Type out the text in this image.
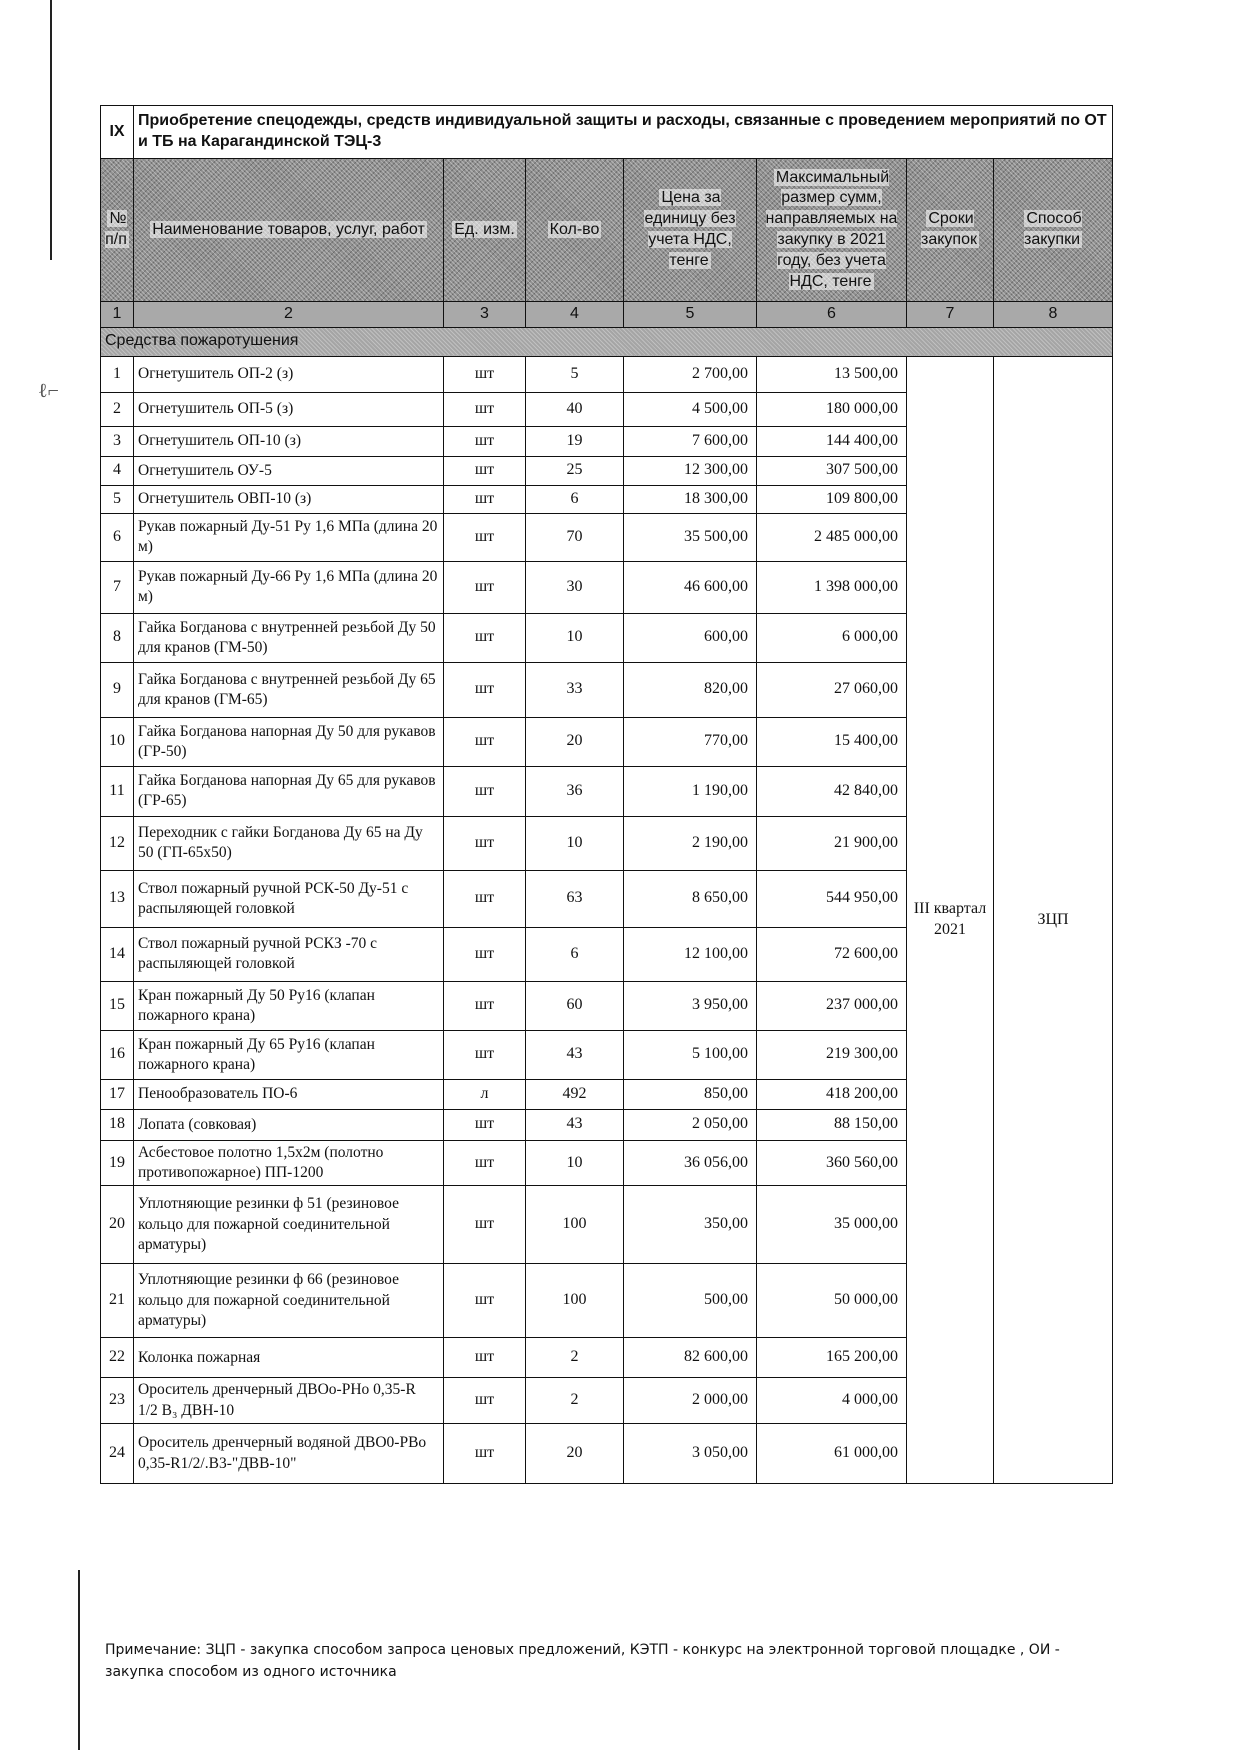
ℓ⌐
IX	Приобретение спецодежды, средств индивидуальной защиты и расходы, связанные с проведением мероприятий по ОТ и ТБ на Карагандинской ТЭЦ-3						
№ п/п	Наименование товаров, услуг, работ	Ед. изм.	Кол-во	Цена за единицу без учета НДС, тенге	Максимальный размер сумм, направляемых на закупку в 2021 году, без учета НДС, тенге	Сроки закупок	Способ закупки
1	2	3	4	5	6	7	8
Средства пожаротушения							
1	Огнетушитель ОП-2 (з)	шт	5	2 700,00	13 500,00	III квартал 2021	ЗЦП
2	Огнетушитель ОП-5 (з)	шт	40	4 500,00	180 000,00		
3	Огнетушитель ОП-10 (з)	шт	19	7 600,00	144 400,00		
4	Огнетушитель ОУ-5	шт	25	12 300,00	307 500,00		
5	Огнетушитель ОВП-10 (з)	шт	6	18 300,00	109 800,00		
6	Рукав пожарный Ду-51 Ру 1,6 МПа (длина 20 м)	шт	70	35 500,00	2 485 000,00		
7	Рукав пожарный Ду-66 Ру 1,6 МПа (длина 20 м)	шт	30	46 600,00	1 398 000,00		
8	Гайка Богданова с внутренней резьбой Ду 50 для кранов (ГМ-50)	шт	10	600,00	6 000,00		
9	Гайка Богданова с внутренней резьбой Ду 65 для кранов (ГМ-65)	шт	33	820,00	27 060,00		
10	Гайка Богданова напорная Ду 50 для рукавов (ГР-50)	шт	20	770,00	15 400,00		
11	Гайка Богданова напорная Ду 65 для рукавов (ГР-65)	шт	36	1 190,00	42 840,00		
12	Переходник с гайки Богданова Ду 65 на Ду 50 (ГП-65х50)	шт	10	2 190,00	21 900,00		
13	Ствол пожарный ручной РСК-50 Ду-51 с распыляющей головкой	шт	63	8 650,00	544 950,00		
14	Ствол пожарный ручной РСКЗ -70 с распыляющей головкой	шт	6	12 100,00	72 600,00		
15	Кран пожарный Ду 50 Ру16 (клапан пожарного крана)	шт	60	3 950,00	237 000,00		
16	Кран пожарный Ду 65 Ру16 (клапан пожарного крана)	шт	43	5 100,00	219 300,00		
17	Пенообразователь ПО-6	л	492	850,00	418 200,00		
18	Лопата (совковая)	шт	43	2 050,00	88 150,00		
19	Асбестовое полотно 1,5х2м (полотно противопожарное) ПП-1200	шт	10	36 056,00	360 560,00		
20	Уплотняющие резинки ф 51 (резиновое кольцо для пожарной соединительной арматуры)	шт	100	350,00	35 000,00		
21	Уплотняющие резинки ф 66 (резиновое кольцо для пожарной соединительной арматуры)	шт	100	500,00	50 000,00		
22	Колонка пожарная	шт	2	82 600,00	165 200,00		
23	Ороситель дренчерный ДВОо-РНо 0,35-R 1/2 В₃ ДВН-10	шт	2	2 000,00	4 000,00		
24	Ороситель дренчерный водяной ДВО0-РВо 0,35-R1/2/.В3-"ДВВ-10"	шт	20	3 050,00	61 000,00		
Примечание: ЗЦП - закупка способом запроса ценовых предложений, КЭТП - конкурс на электронной торговой площадке , ОИ - закупка способом из одного источника
